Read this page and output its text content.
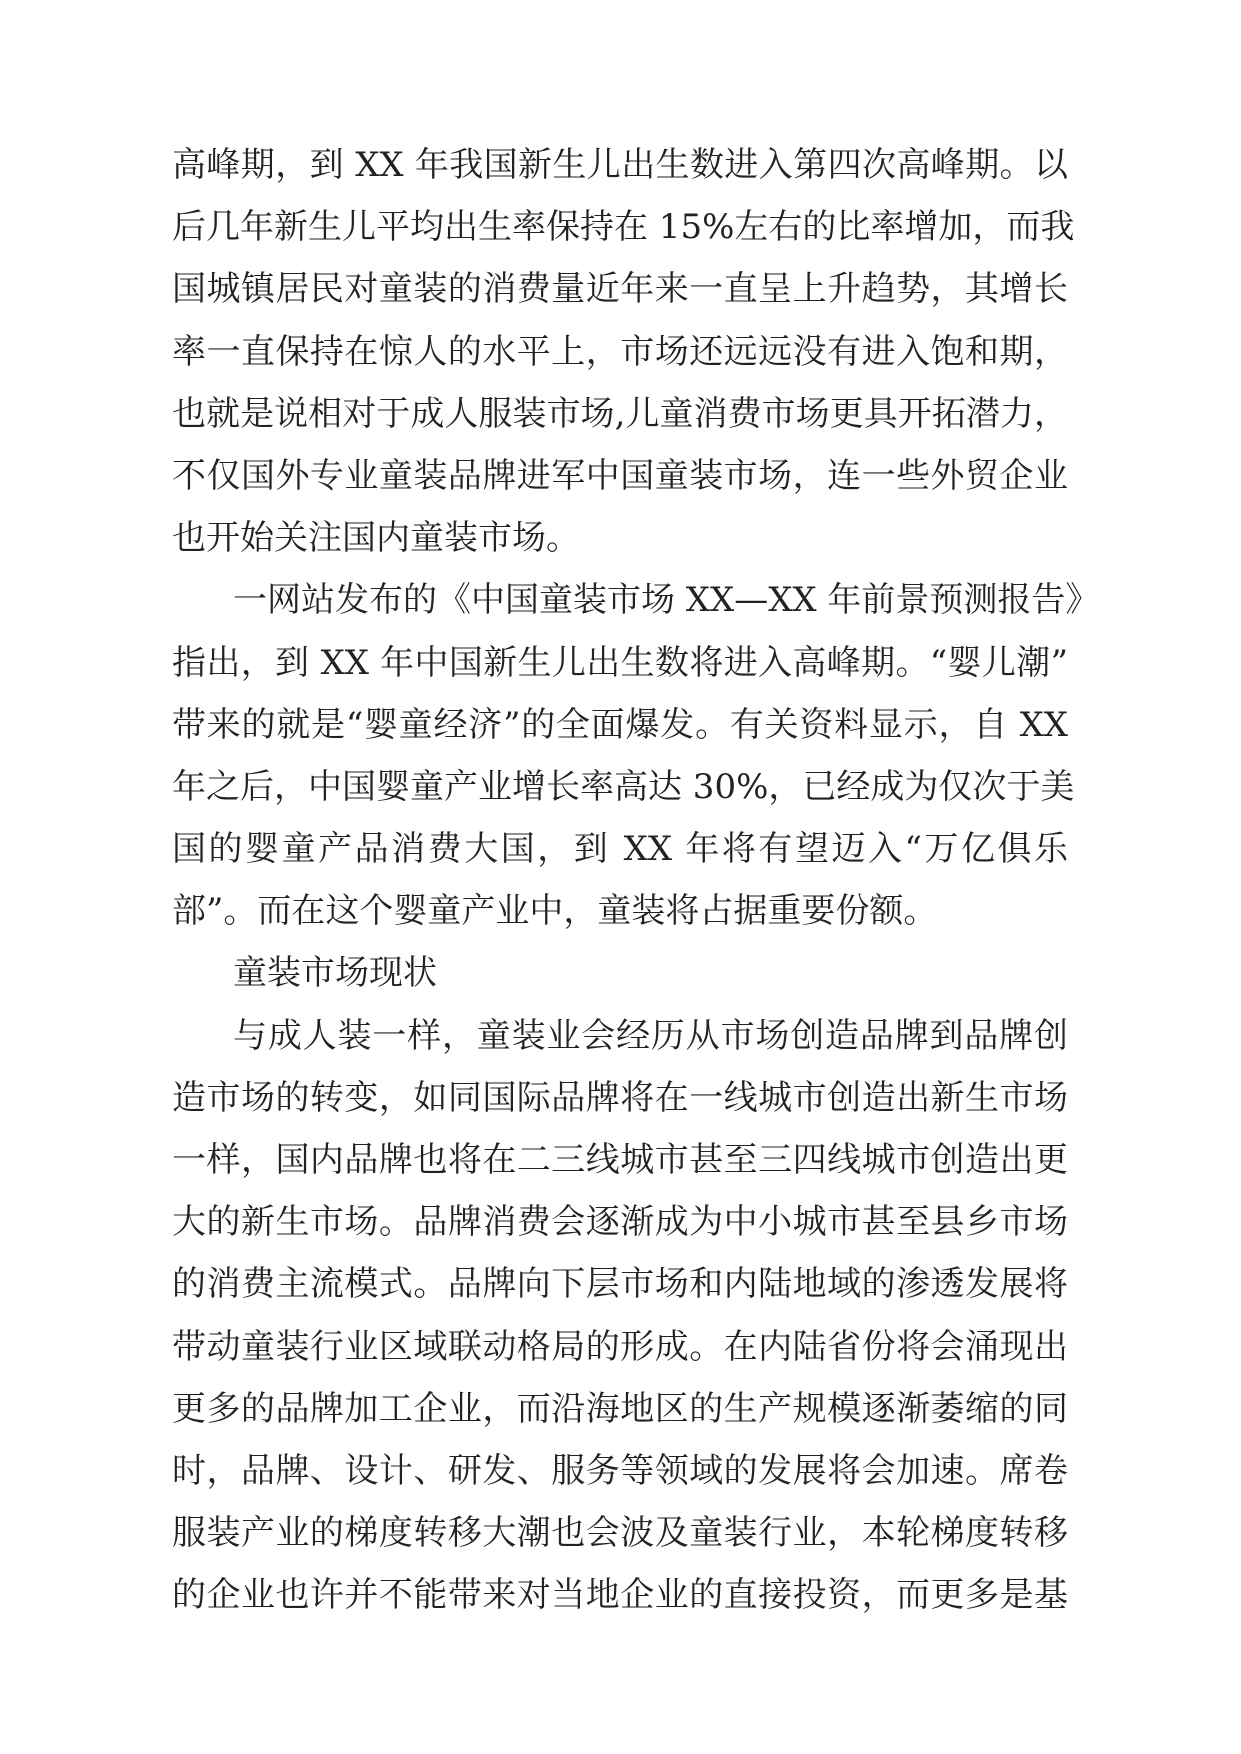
高峰期，到 XX 年我国新生儿出生数进入第四次高峰期。以
后几年新生儿平均出生率保持在 15%左右的比率增加，而我
国城镇居民对童装的消费量近年来一直呈上升趋势，其增长
率一直保持在惊人的水平上，市场还远远没有进入饱和期，
也就是说相对于成人服装市场,儿童消费市场更具开拓潜力，
不仅国外专业童装品牌进军中国童装市场，连一些外贸企业
也开始关注国内童装市场。
一网站发布的《中国童装市场 XX—XX 年前景预测报告》
指出，到 XX 年中国新生儿出生数将进入高峰期。“婴儿潮”
带来的就是“婴童经济”的全面爆发。有关资料显示，自 XX
年之后，中国婴童产业增长率高达 30%，已经成为仅次于美
国的婴童产品消费大国，到 XX 年将有望迈入“万亿俱乐
部”。而在这个婴童产业中，童装将占据重要份额。
童装市场现状
与成人装一样，童装业会经历从市场创造品牌到品牌创
造市场的转变，如同国际品牌将在一线城市创造出新生市场
一样，国内品牌也将在二三线城市甚至三四线城市创造出更
大的新生市场。品牌消费会逐渐成为中小城市甚至县乡市场
的消费主流模式。品牌向下层市场和内陆地域的渗透发展将
带动童装行业区域联动格局的形成。在内陆省份将会涌现出
更多的品牌加工企业，而沿海地区的生产规模逐渐萎缩的同
时，品牌、设计、研发、服务等领域的发展将会加速。席卷
服装产业的梯度转移大潮也会波及童装行业，本轮梯度转移
的企业也许并不能带来对当地企业的直接投资，而更多是基
